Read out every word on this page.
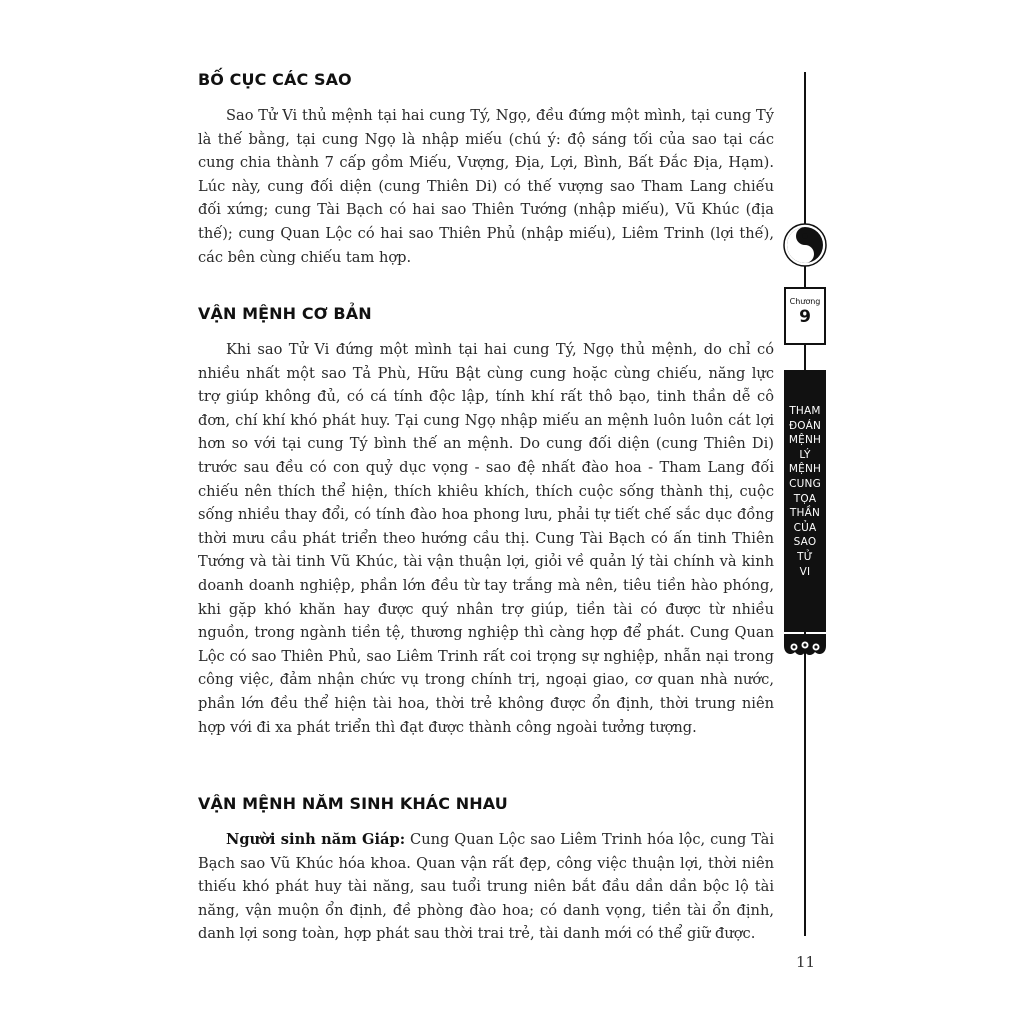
BỐ CỤC CÁC SAO

Sao Tử Vi thủ mệnh tại hai cung Tý, Ngọ, đều đứng một mình, tại cung Tý là thế bằng, tại cung Ngọ là nhập miếu (chú ý: độ sáng tối của sao tại các cung chia thành 7 cấp gồm Miếu, Vượng, Địa, Lợi, Bình, Bất Đắc Địa, Hạm). Lúc này, cung đối diện (cung Thiên Di) có thế vượng sao Tham Lang chiếu đối xứng; cung Tài Bạch có hai sao Thiên Tướng (nhập miếu), Vũ Khúc (địa thế); cung Quan Lộc có hai sao Thiên Phủ (nhập miếu), Liêm Trinh (lợi thế), các bên cùng chiếu tam hợp.

VẬN MỆNH CƠ BẢN

Khi sao Tử Vi đứng một mình tại hai cung Tý, Ngọ thủ mệnh, do chỉ có nhiều nhất một sao Tả Phù, Hữu Bật cùng cung hoặc cùng chiếu, năng lực trợ giúp không đủ, có cá tính độc lập, tính khí rất thô bạo, tinh thần dễ cô đơn, chí khí khó phát huy. Tại cung Ngọ nhập miếu an mệnh luôn luôn cát lợi hơn so với tại cung Tý bình thế an mệnh. Do cung đối diện (cung Thiên Di) trước sau đều có con quỷ dục vọng - sao đệ nhất đào hoa - Tham Lang đối chiếu nên thích thể hiện, thích khiêu khích, thích cuộc sống thành thị, cuộc sống nhiều thay đổi, có tính đào hoa phong lưu, phải tự tiết chế sắc dục đồng thời mưu cầu phát triển theo hướng cầu thị. Cung Tài Bạch có ấn tinh Thiên Tướng và tài tinh Vũ Khúc, tài vận thuận lợi, giỏi về quản lý tài chính và kinh doanh doanh nghiệp, phần lớn đều từ tay trắng mà nên, tiêu tiền hào phóng, khi gặp khó khăn hay được quý nhân trợ giúp, tiền tài có được từ nhiều nguồn, trong ngành tiền tệ, thương nghiệp thì càng hợp để phát. Cung Quan Lộc có sao Thiên Phủ, sao Liêm Trinh rất coi trọng sự nghiệp, nhẫn nại trong công việc, đảm nhận chức vụ trong chính trị, ngoại giao, cơ quan nhà nước, phần lớn đều thể hiện tài hoa, thời trẻ không được ổn định, thời trung niên hợp với đi xa phát triển thì đạt được thành công ngoài tưởng tượng.

VẬN MỆNH NĂM SINH KHÁC NHAU

Người sinh năm Giáp: Cung Quan Lộc sao Liêm Trinh hóa lộc, cung Tài Bạch sao Vũ Khúc hóa khoa. Quan vận rất đẹp, công việc thuận lợi, thời niên thiếu khó phát huy tài năng, sau tuổi trung niên bắt đầu dần dần bộc lộ tài năng, vận muộn ổn định, đề phòng đào hoa; có danh vọng, tiền tài ổn định, danh lợi song toàn, hợp phát sau thời trai trẻ, tài danh mới có thể giữ được.

Chương
9
THAM
ĐOÁN
MỆNH
LÝ
MỆNH
CUNG
TỌA
THẦN
CỦA
SAO
TỬ
VI
11
